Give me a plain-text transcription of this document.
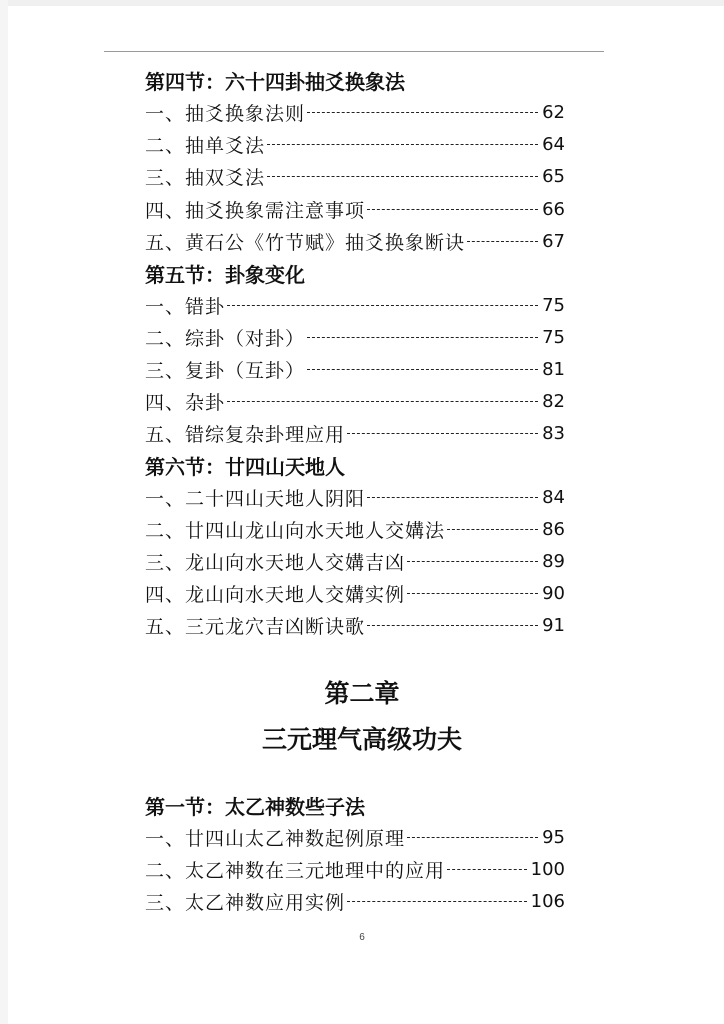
第四节：六十四卦抽爻换象法
一、抽爻换象法则	62
二、抽单爻法	64
三、抽双爻法	65
四、抽爻换象需注意事项	66
五、黄石公《竹节赋》抽爻换象断诀	67
第五节：卦象变化
一、错卦	75
二、综卦（对卦）	75
三、复卦（互卦）	81
四、杂卦	82
五、错综复杂卦理应用	83
第六节：廿四山天地人
一、二十四山天地人阴阳	84
二、廿四山龙山向水天地人交媾法	86
三、龙山向水天地人交媾吉凶	89
四、龙山向水天地人交媾实例	90
五、三元龙穴吉凶断诀歌	91
第二章
三元理气高级功夫
第一节：太乙神数些子法
一、廿四山太乙神数起例原理	95
二、太乙神数在三元地理中的应用	100
三、太乙神数应用实例	106
6
